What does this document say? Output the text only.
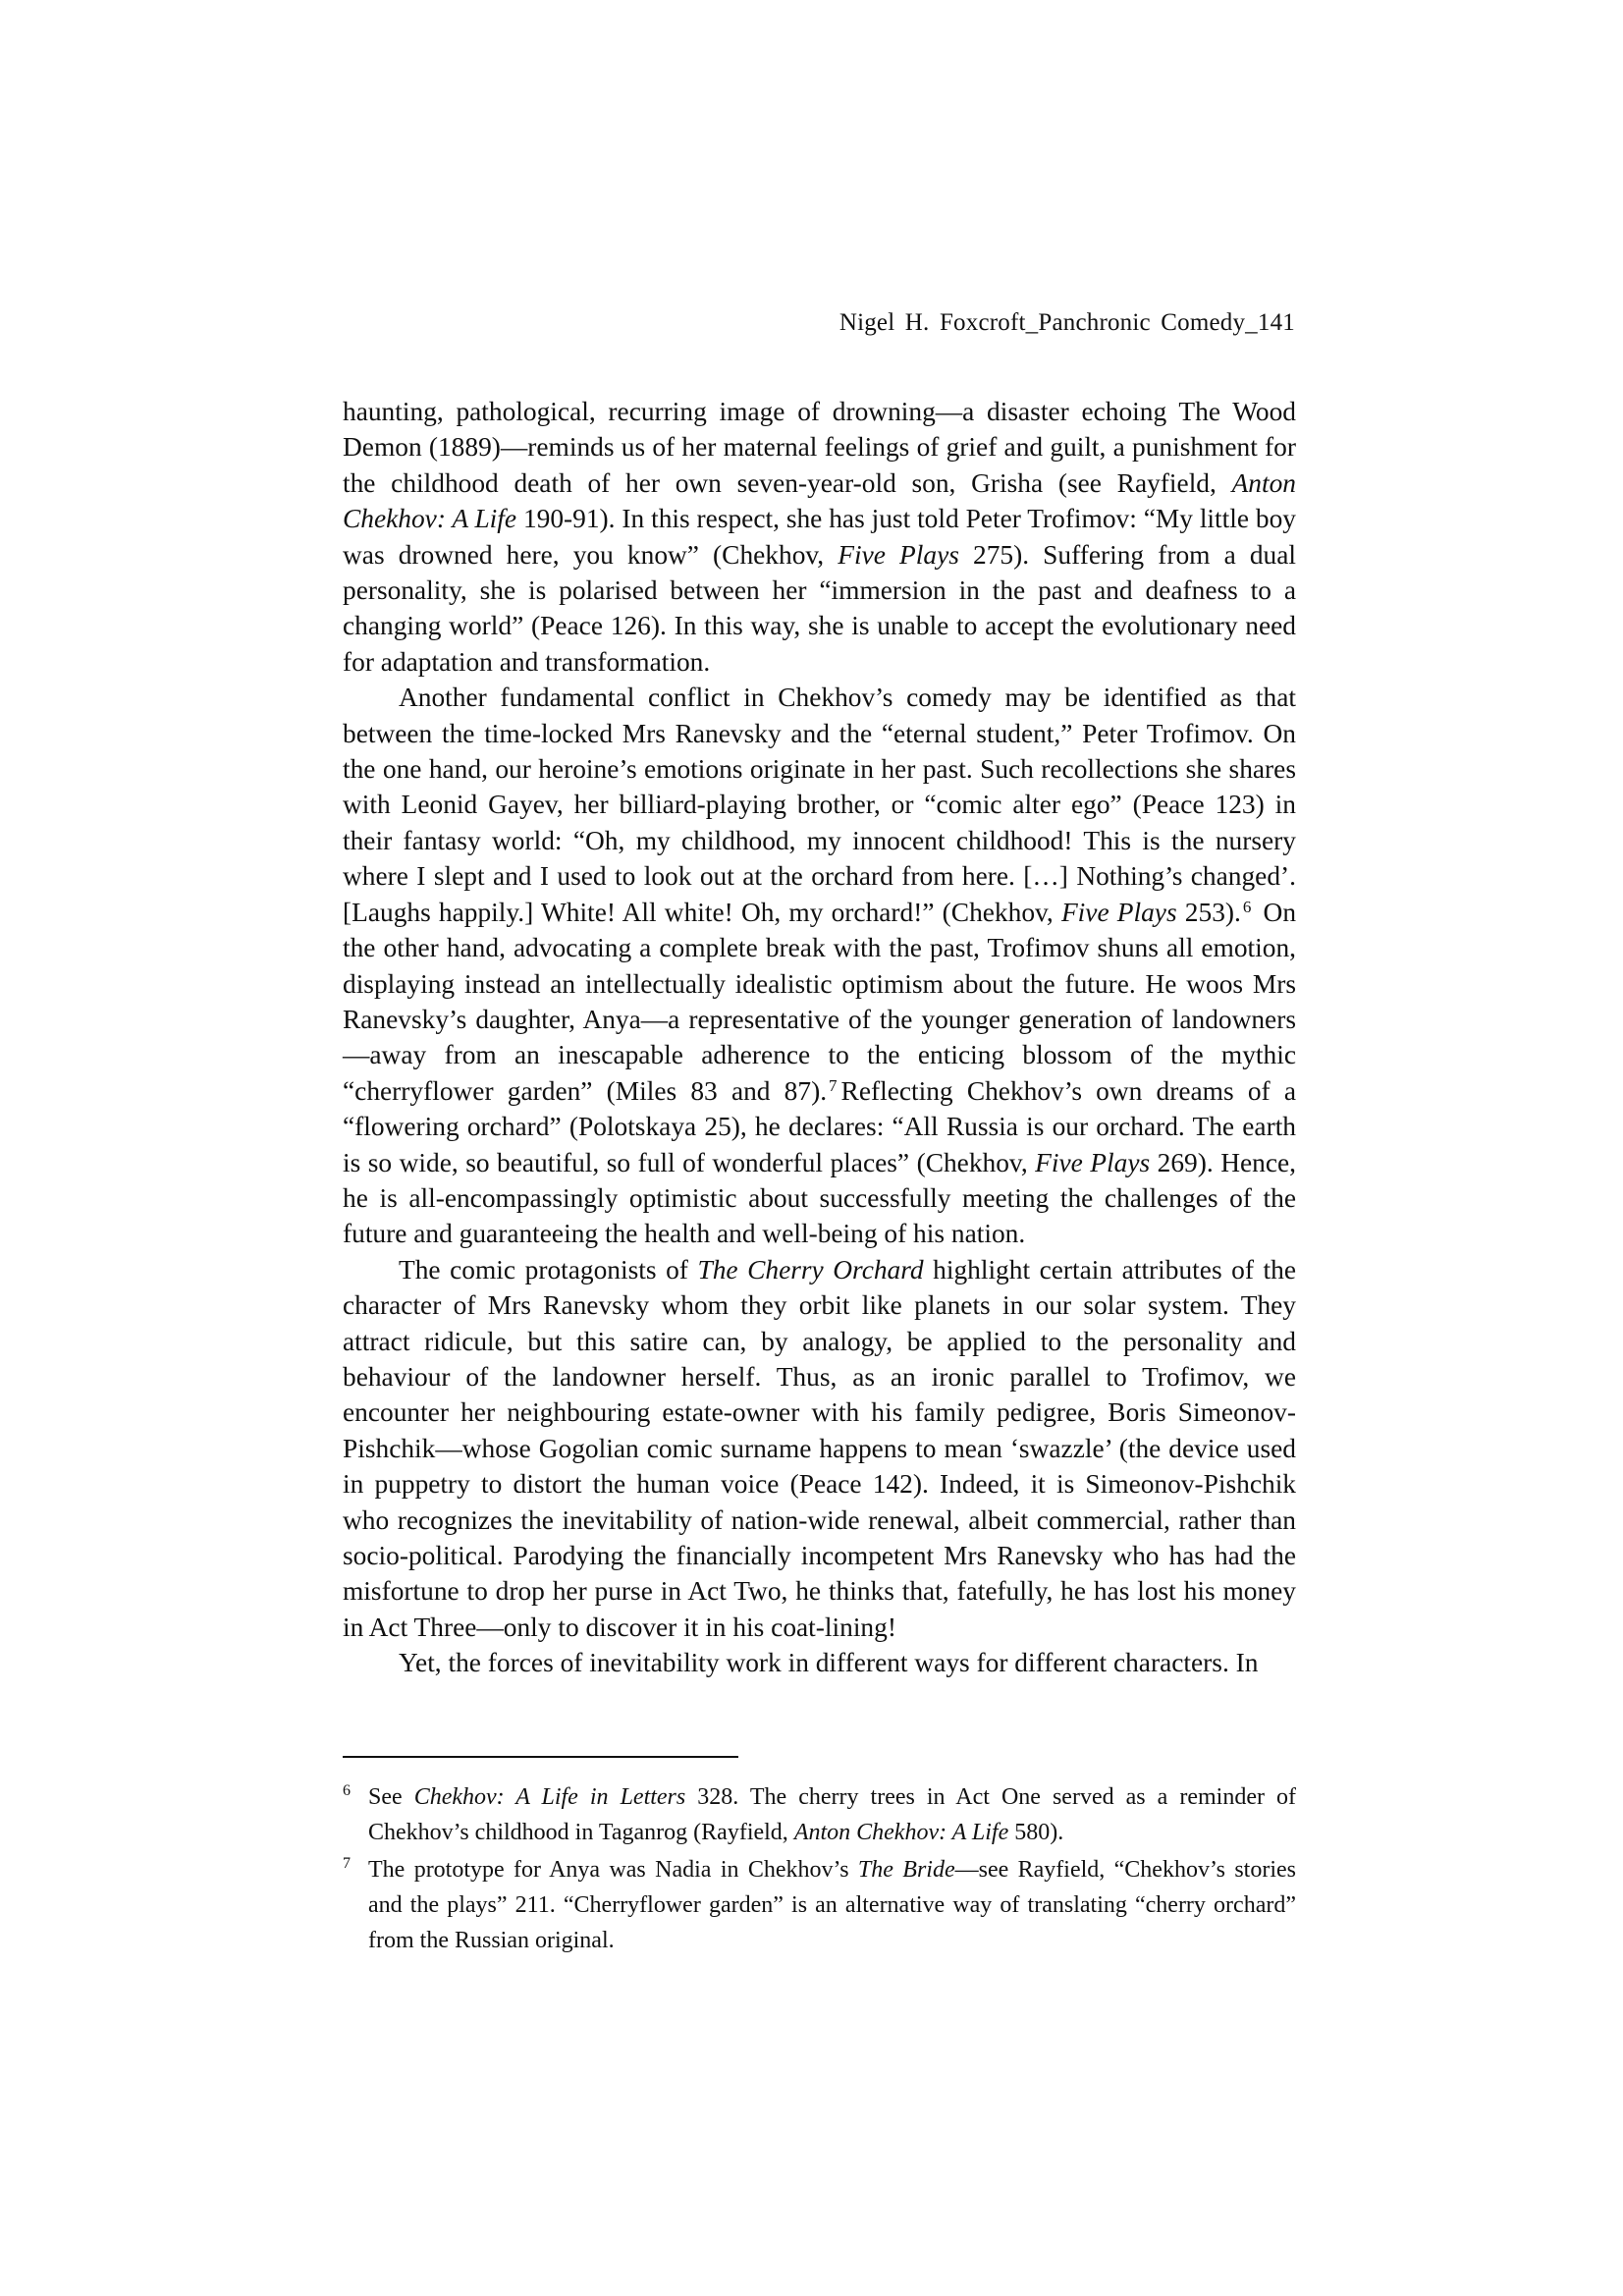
Nigel H. Foxcroft_Panchronic Comedy_141

haunting, pathological, recurring image of drowning—a disaster echoing The Wood Demon (1889)—reminds us of her maternal feelings of grief and guilt, a punishment for the childhood death of her own seven-year-old son, Grisha (see Rayfield, Anton Chekhov: A Life 190-91). In this respect, she has just told Peter Trofimov: “My little boy was drowned here, you know” (Chekhov, Five Plays 275). Suffering from a dual personality, she is polarised between her “immersion in the past and deafness to a changing world” (Peace 126). In this way, she is unable to accept the evolutionary need for adaptation and transformation.

Another fundamental conflict in Chekhov’s comedy may be identified as that between the time-locked Mrs Ranevsky and the “eternal student,” Peter Trofimov. On the one hand, our heroine’s emotions originate in her past. Such recollections she shares with Leonid Gayev, her billiard-playing brother, or “comic alter ego” (Peace 123) in their fantasy world: “Oh, my childhood, my innocent childhood! This is the nursery where I slept and I used to look out at the orchard from here. […] Nothing’s changed’. [Laughs happily.] White! All white! Oh, my orchard!” (Chekhov, Five Plays 253). $^6$ On the other hand, advocating a complete break with the past, Trofimov shuns all emotion, displaying instead an intellectually idealistic optimism about the future. He woos Mrs Ranevsky’s daughter, Anya—a representative of the younger generation of landowners—away from an inescapable adherence to the enticing blossom of the mythic “cherryflower garden” (Miles 83 and 87). $^7$ Reflecting Chekhov’s own dreams of a “flowering orchard” (Polotskaya 25), he declares: “All Russia is our orchard. The earth is so wide, so beautiful, so full of wonderful places” (Chekhov, Five Plays 269). Hence, he is all-encompassingly optimistic about successfully meeting the challenges of the future and guaranteeing the health and well-being of his nation.

The comic protagonists of The Cherry Orchard highlight certain attributes of the character of Mrs Ranevsky whom they orbit like planets in our solar system. They attract ridicule, but this satire can, by analogy, be applied to the personality and behaviour of the landowner herself. Thus, as an ironic parallel to Trofimov, we encounter her neighbouring estate-owner with his family pedigree, Boris Simeonov-Pishchik—whose Gogolian comic surname happens to mean ‘swazzle’ (the device used in puppetry to distort the human voice (Peace 142). Indeed, it is Simeonov-Pishchik who recognizes the inevitability of nation-wide renewal, albeit commercial, rather than socio-political. Parodying the financially incompetent Mrs Ranevsky who has had the misfortune to drop her purse in Act Two, he thinks that, fatefully, he has lost his money in Act Three—only to discover it in his coat-lining!

Yet, the forces of inevitability work in different ways for different characters. In

6 See Chekhov: A Life in Letters 328. The cherry trees in Act One served as a reminder of Chekhov’s childhood in Taganrog (Rayfield, Anton Chekhov: A Life 580).

7 The prototype for Anya was Nadia in Chekhov’s The Bride—see Rayfield, “Chekhov’s stories and the plays” 211. “Cherryflower garden” is an alternative way of translating “cherry orchard” from the Russian original.
